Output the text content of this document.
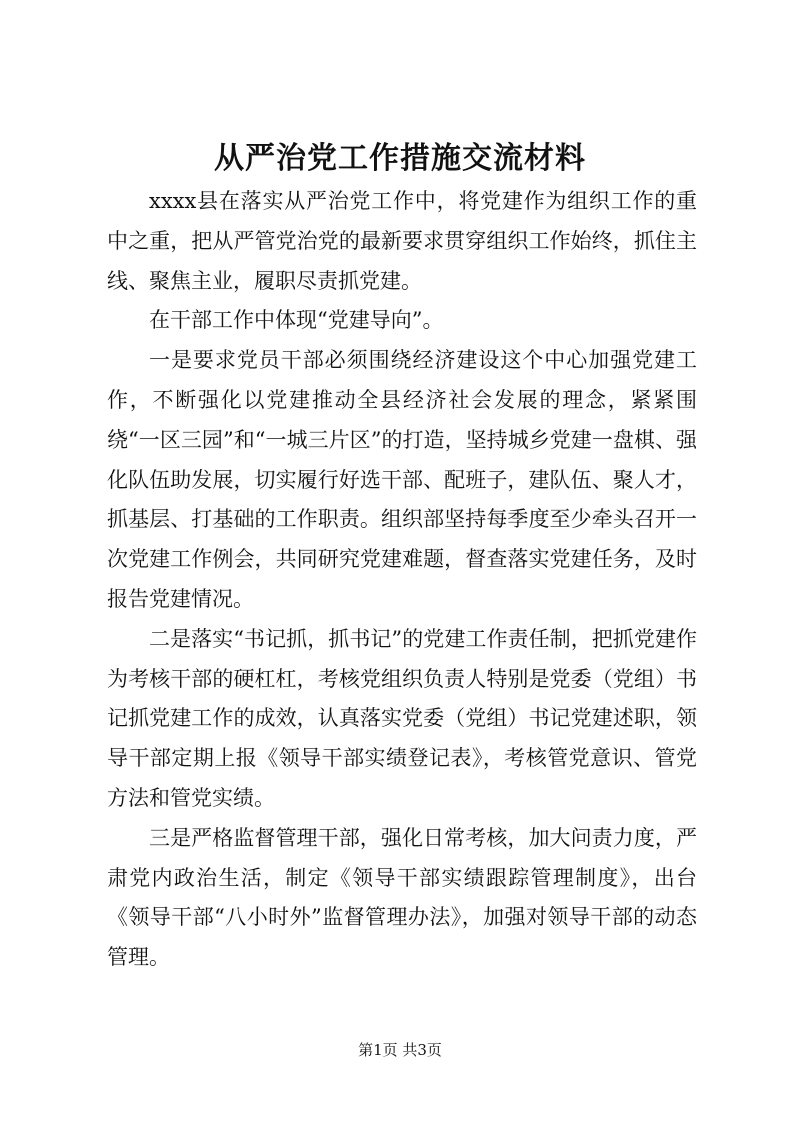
从严治党工作措施交流材料

xxxx县在落实从严治党工作中，将党建作为组织工作的重中之重，把从严管党治党的最新要求贯穿组织工作始终，抓住主线、聚焦主业，履职尽责抓党建。

在干部工作中体现“党建导向”。

一是要求党员干部必须围绕经济建设这个中心加强党建工作，不断强化以党建推动全县经济社会发展的理念，紧紧围绕“一区三园”和“一城三片区”的打造，坚持城乡党建一盘棋、强化队伍助发展，切实履行好选干部、配班子，建队伍、聚人才，抓基层、打基础的工作职责。组织部坚持每季度至少牵头召开一次党建工作例会，共同研究党建难题，督查落实党建任务，及时报告党建情况。

二是落实“书记抓，抓书记”的党建工作责任制，把抓党建作为考核干部的硬杠杠，考核党组织负责人特别是党委（党组）书记抓党建工作的成效，认真落实党委（党组）书记党建述职，领导干部定期上报《领导干部实绩登记表》，考核管党意识、管党方法和管党实绩。

三是严格监督管理干部，强化日常考核，加大问责力度，严肃党内政治生活，制定《领导干部实绩跟踪管理制度》，出台《领导干部“八小时外”监督管理办法》，加强对领导干部的动态管理。

第1页 共3页
